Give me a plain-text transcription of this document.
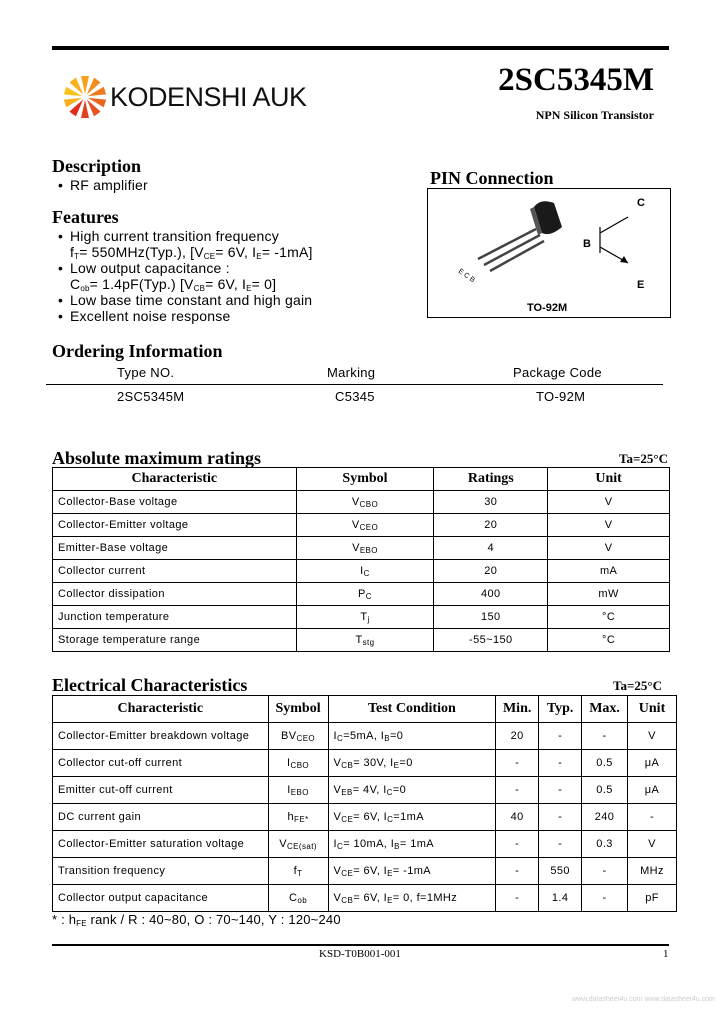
KODENSHI AUK	2SC5345M
NPN Silicon Transistor
Description
• RF amplifier
Features
• High current transition frequency
$f_T= 550MHz(Typ.)$, [$V_{CE}= 6V$, $I_E= -1mA$]
• Low output capacitance :
$C_{ob}= 1.4pF(Typ.)$ [$V_{CB}= 6V$, $I_E= 0$]
• Low base time constant and high gain
• Excellent noise response
PIN Connection
E C B
C
B
E
TO-92M
Ordering Information
Type NO.	Marking	Package Code
2SC5345M	C5345	TO-92M
Absolute maximum ratings	Ta=25°C
Characteristic	Symbol	Ratings	Unit
Collector-Base voltage	$V_{CBO}$	30	V
Collector-Emitter voltage	$V_{CEO}$	20	V
Emitter-Base voltage	$V_{EBO}$	4	V
Collector current	$I_C$	20	mA
Collector dissipation	$P_C$	400	mW
Junction temperature	$T_j$	150	°C
Storage temperature range	$T_{stg}$	-55~150	°C
Electrical Characteristics	Ta=25°C
Characteristic	Symbol	Test Condition	Min.	Typ.	Max.	Unit
Collector-Emitter breakdown voltage	$BV_{CEO}$	$I_C=5mA$, $I_B=0$	20	-	-	V
Collector cut-off current	$I_{CBO}$	$V_{CB}= 30V$, $I_E=0$	-	-	0.5	μA
Emitter cut-off current	$I_{EBO}$	$V_{EB}= 4V$, $I_C=0$	-	-	0.5	μA
DC current gain	$h_{FE*}$	$V_{CE}= 6V$, $I_C=1mA$	40	-	240	-
Collector-Emitter saturation voltage	$V_{CE(sat)}$	$I_C= 10mA$, $I_B= 1mA$	-	-	0.3	V
Transition frequency	$f_T$	$V_{CE}= 6V$, $I_E= -1mA$	-	550	-	MHz
Collector output capacitance	$C_{ob}$	$V_{CB}= 6V$, $I_E= 0$, f=1MHz	-	1.4	-	pF
* : $h_{FE}$ rank / R : 40~80, O : 70~140, Y : 120~240
KSD-T0B001-001	1
www.datasheet4u.com www.datasheet4u.com
